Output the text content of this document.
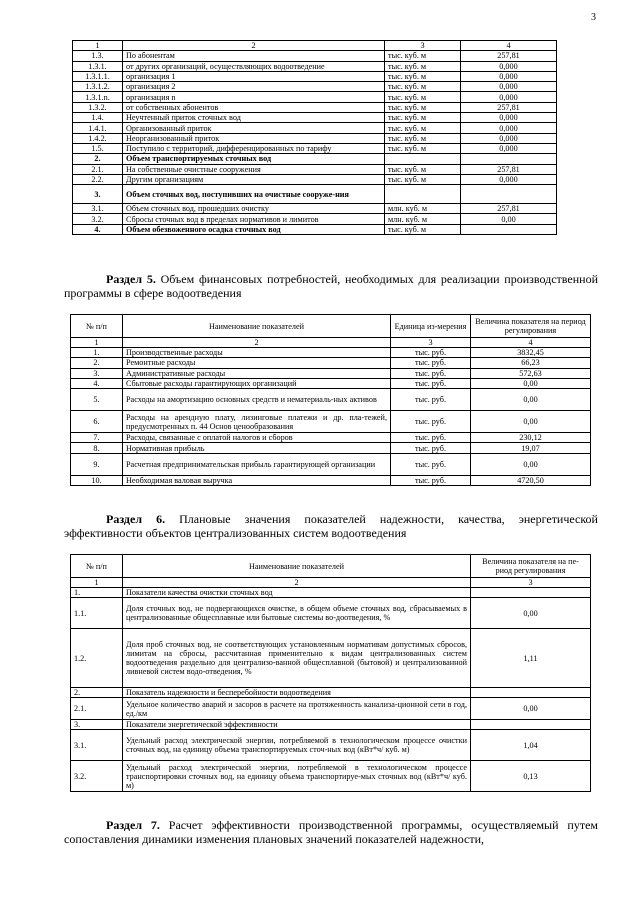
3
1	2	3	4
1.3.	По абонентам	тыс. куб. м	257,81
1.3.1.	от других организаций, осуществляющих водоотведение	тыс. куб. м	0,000
1.3.1.1.	организация 1	тыс. куб. м	0,000
1.3.1.2.	организация 2	тыс. куб. м	0,000
1.3.1.n.	организация n	тыс. куб. м	0,000
1.3.2.	от собственных абонентов	тыс. куб. м	257,81
1.4.	Неучтенный приток сточных вод	тыс. куб. м	0,000
1.4.1.	Организованный приток	тыс. куб. м	0,000
1.4.2.	Неорганизованный приток	тыс. куб. м	0,000
1.5.	Поступило с территорий, дифференцированных по тарифу	тыс. куб. м	0,000
2.	Объем транспортируемых сточных вод		
2.1.	На собственные очистные сооружения	тыс. куб. м	257,81
2.2.	Другим организациям	тыс. куб. м	0,000
3.	Объем сточных вод, поступивших на очистные сооруже-ния		
3.1.	Объем сточных вод, прошедших очистку	млн. куб. м	257,81
3.2.	Сбросы сточных вод в пределах нормативов и лимитов	млн. куб. м	0,00
4.	Объем обезвоженного осадка сточных вод	тыс. куб. м	
Раздел 5. Объем финансовых потребностей, необходимых для реализации производственной программы в сфере водоотведения
№ п/п	Наименование показателей	Единица из-мерения	Величина показателя на период регулирования
1	2	3	4
1.	Производственные расходы	тыс. руб.	3832,45
2.	Ремонтные расходы	тыс. руб.	66,23
3.	Административные расходы	тыс. руб.	572,63
4.	Сбытовые расходы гарантирующих организаций	тыс. руб.	0,00
5.	Расходы на амортизацию основных средств и нематериаль-ных активов	тыс. руб.	0,00
6.	Расходы на арендную плату, лизинговые платежи и др. пла-тежей, предусмотренных п. 44 Основ ценообразования	тыс. руб.	0,00
7.	Расходы, связанные с оплатой налогов и сборов	тыс. руб.	230,12
8.	Нормативная прибыль	тыс. руб.	19,07
9.	Расчетная предпринимательская прибыль гарантирующей организации	тыс. руб.	0,00
10.	Необходимая валовая выручка	тыс. руб.	4720,50
Раздел 6. Плановые значения показателей надежности, качества, энергетической эффективности объектов централизованных систем водоотведения
№ п/п	Наименование показателей	Величина показателя на пе-риод регулирования
1	2	3
1.	Показатели качества очистки сточных вод	
1.1.	Доля сточных вод, не подвергающихся очистке, в общем объеме сточных вод, сбрасываемых в централизованные общесплавные или бытовые системы во-доотведения, %	0,00
1.2.	Доля проб сточных вод, не соответствующих установленным нормативам допустимых сбросов, лимитам на сбросы, рассчитанная применительно к видам централизованных систем водоотведения раздельно для централизо-ванной общесплавной (бытовой) и централизованной ливневой систем водо-отведения, %	1,11
2.	Показатель надежности и бесперебойности водоотведения	
2.1.	Удельное количество аварий и засоров в расчете на протяженность канализа-ционной сети в год, ед./км	0,00
3.	Показатели энергетической эффективности	
3.1.	Удельный расход электрической энергии, потребляемой в технологическом процессе очистки сточных вод, на единицу объема транспортируемых сточ-ных вод (кВт*ч/ куб. м)	1,04
3.2.	Удельный расход электрической энергии, потребляемой в технологическом процессе транспортировки сточных вод, на единицу объема транспортируе-мых сточных вод (кВт*ч/ куб. м)	0,13
Раздел 7. Расчет эффективности производственной программы, осуществляемый путем сопоставления динамики изменения плановых значений показателей надежности,
